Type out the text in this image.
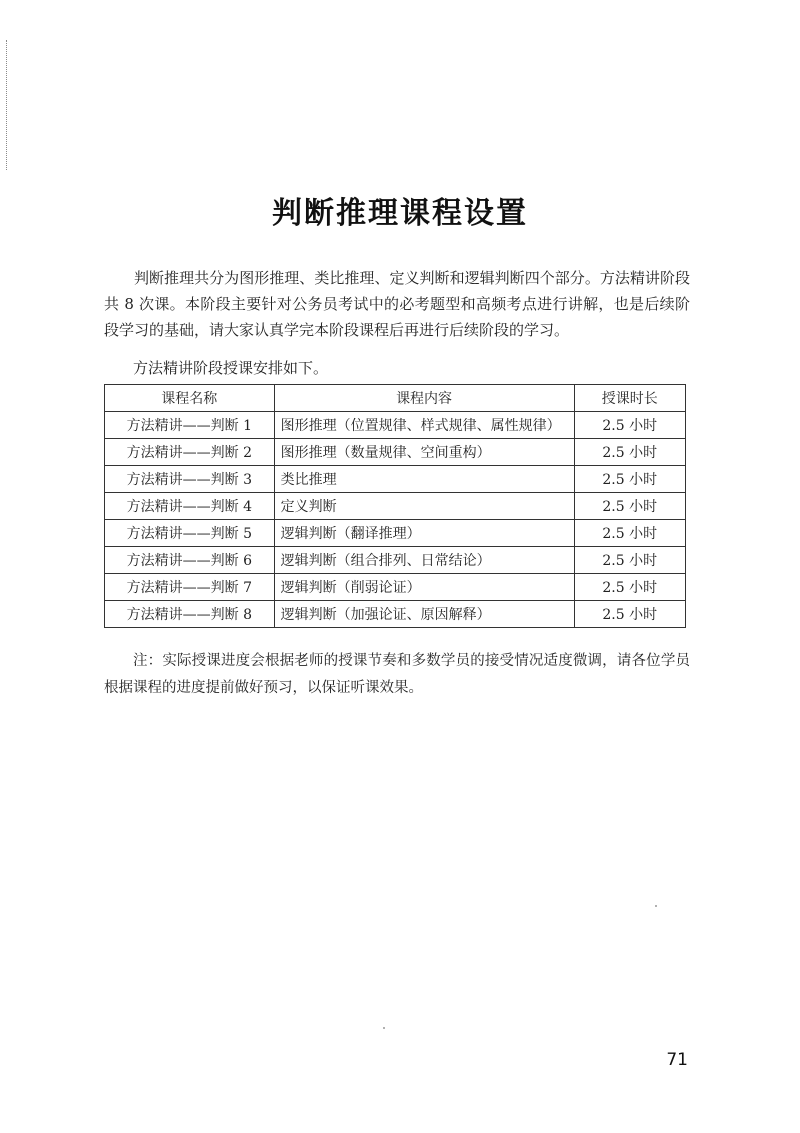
判断推理课程设置

判断推理共分为图形推理、类比推理、定义判断和逻辑判断四个部分。方法精讲阶段共 8 次课。本阶段主要针对公务员考试中的必考题型和高频考点进行讲解，也是后续阶段学习的基础，请大家认真学完本阶段课程后再进行后续阶段的学习。

方法精讲阶段授课安排如下。

课程名称	课程内容	授课时长
方法精讲——判断 1	图形推理（位置规律、样式规律、属性规律）	2.5 小时
方法精讲——判断 2	图形推理（数量规律、空间重构）	2.5 小时
方法精讲——判断 3	类比推理	2.5 小时
方法精讲——判断 4	定义判断	2.5 小时
方法精讲——判断 5	逻辑判断（翻译推理）	2.5 小时
方法精讲——判断 6	逻辑判断（组合排列、日常结论）	2.5 小时
方法精讲——判断 7	逻辑判断（削弱论证）	2.5 小时
方法精讲——判断 8	逻辑判断（加强论证、原因解释）	2.5 小时

注：实际授课进度会根据老师的授课节奏和多数学员的接受情况适度微调，请各位学员根据课程的进度提前做好预习，以保证听课效果。

71
